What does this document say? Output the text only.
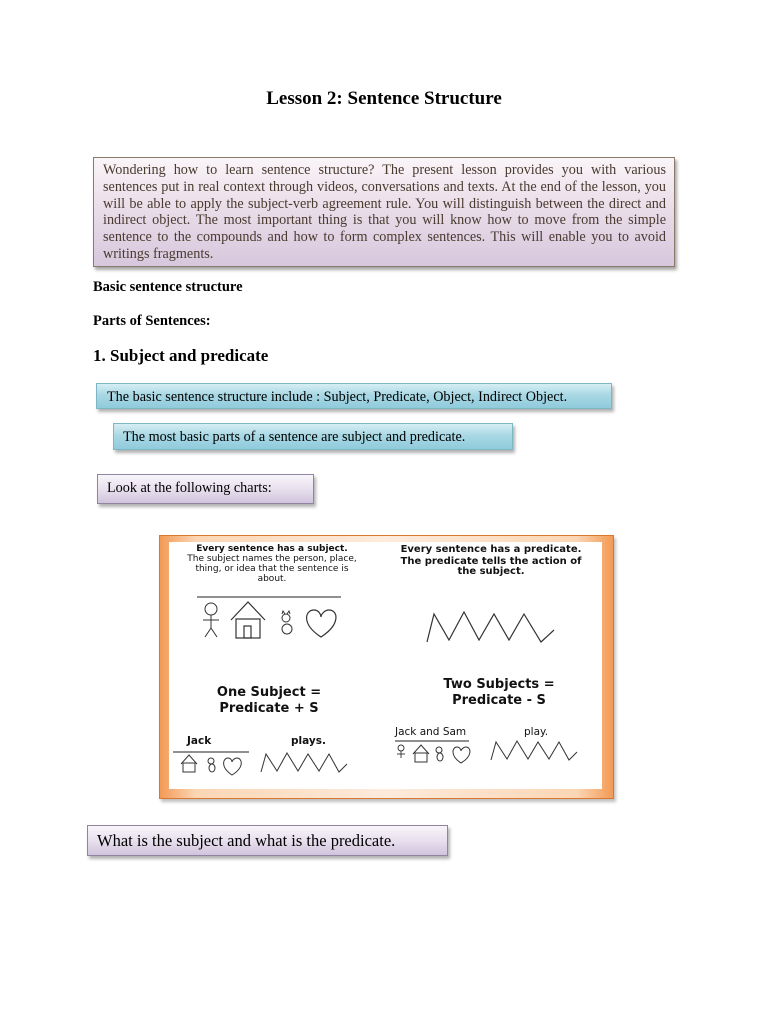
Lesson 2: Sentence Structure
Wondering how to learn sentence structure? The present lesson provides you with various sentences put in real context through videos, conversations and texts. At the end of the lesson, you will be able to apply the subject-verb agreement rule. You will distinguish between the direct and indirect object. The most important thing is that you will know how to move from the simple sentence to the compounds and how to form complex sentences. This will enable you to avoid writings fragments.
Basic sentence structure
Parts of Sentences:
1. Subject and predicate
The basic sentence structure include : Subject, Predicate, Object, Indirect Object.
The most basic parts of a sentence are subject and predicate.
Look at the following charts:
Every sentence has a subject.
The subject names the person, place, thing, or idea that the sentence is about.
Every sentence has a predicate.
The predicate tells the action of the subject.
One Subject =
Predicate + S
Two Subjects =
Predicate - S
Jack	plays.
Jack and Sam	play.
What is the subject and what is the predicate.
